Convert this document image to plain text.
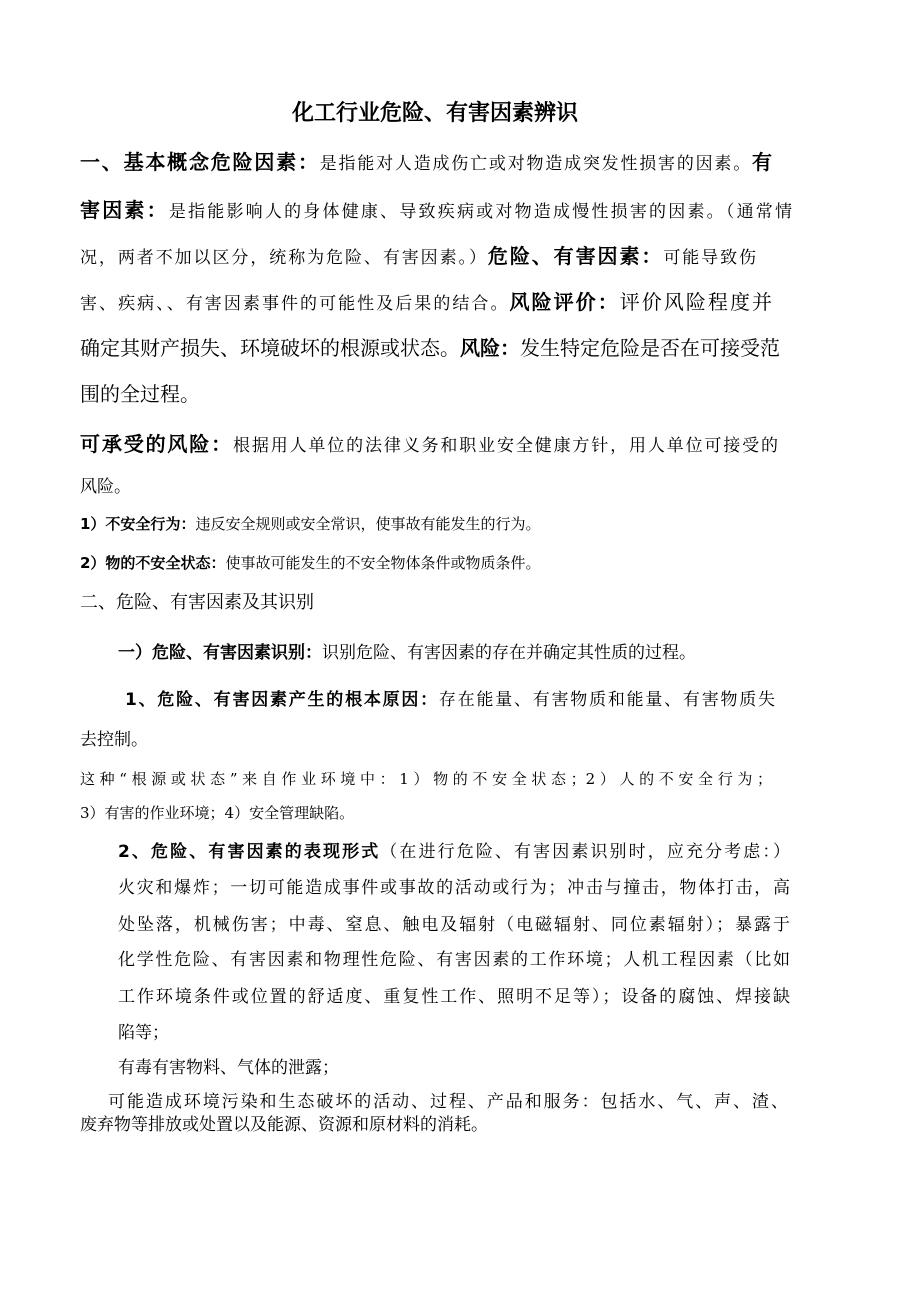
化工行业危险、有害因素辨识
一、基本概念危险因素：是指能对人造成伤亡或对物造成突发性损害的因素。有
害因素：是指能影响人的身体健康、导致疾病或对物造成慢性损害的因素。（通常情
况，两者不加以区分，统称为危险、有害因素。）危险、有害因素：可能导致伤
害、疾病、、有害因素事件的可能性及后果的结合。风险评价：评价风险程度并
确定其财产损失、环境破坏的根源或状态。风险：发生特定危险是否在可接受范
围的全过程。
可承受的风险：根据用人单位的法律义务和职业安全健康方针，用人单位可接受的
风险。
1）不安全行为：违反安全规则或安全常识，使事故有能发生的行为。
2）物的不安全状态：使事故可能发生的不安全物体条件或物质条件。
二、危险、有害因素及其识别
一）危险、有害因素识别：识别危险、有害因素的存在并确定其性质的过程。
1、危险、有害因素产生的根本原因：存在能量、有害物质和能量、有害物质失
去控制。
这种“根源或状态”来自作业环境中：1）物的不安全状态；2）人的不安全行为；
3）有害的作业环境；4）安全管理缺陷。
2、危险、有害因素的表现形式（在进行危险、有害因素识别时，应充分考虑：）
火灾和爆炸；一切可能造成事件或事故的活动或行为；冲击与撞击，物体打击，高
处坠落，机械伤害；中毒、窒息、触电及辐射（电磁辐射、同位素辐射）；暴露于
化学性危险、有害因素和物理性危险、有害因素的工作环境；人机工程因素（比如
工作环境条件或位置的舒适度、重复性工作、照明不足等）；设备的腐蚀、焊接缺
陷等；
有毒有害物料、气体的泄露；
可能造成环境污染和生态破坏的活动、过程、产品和服务：包括水、气、声、渣、
废弃物等排放或处置以及能源、资源和原材料的消耗。
